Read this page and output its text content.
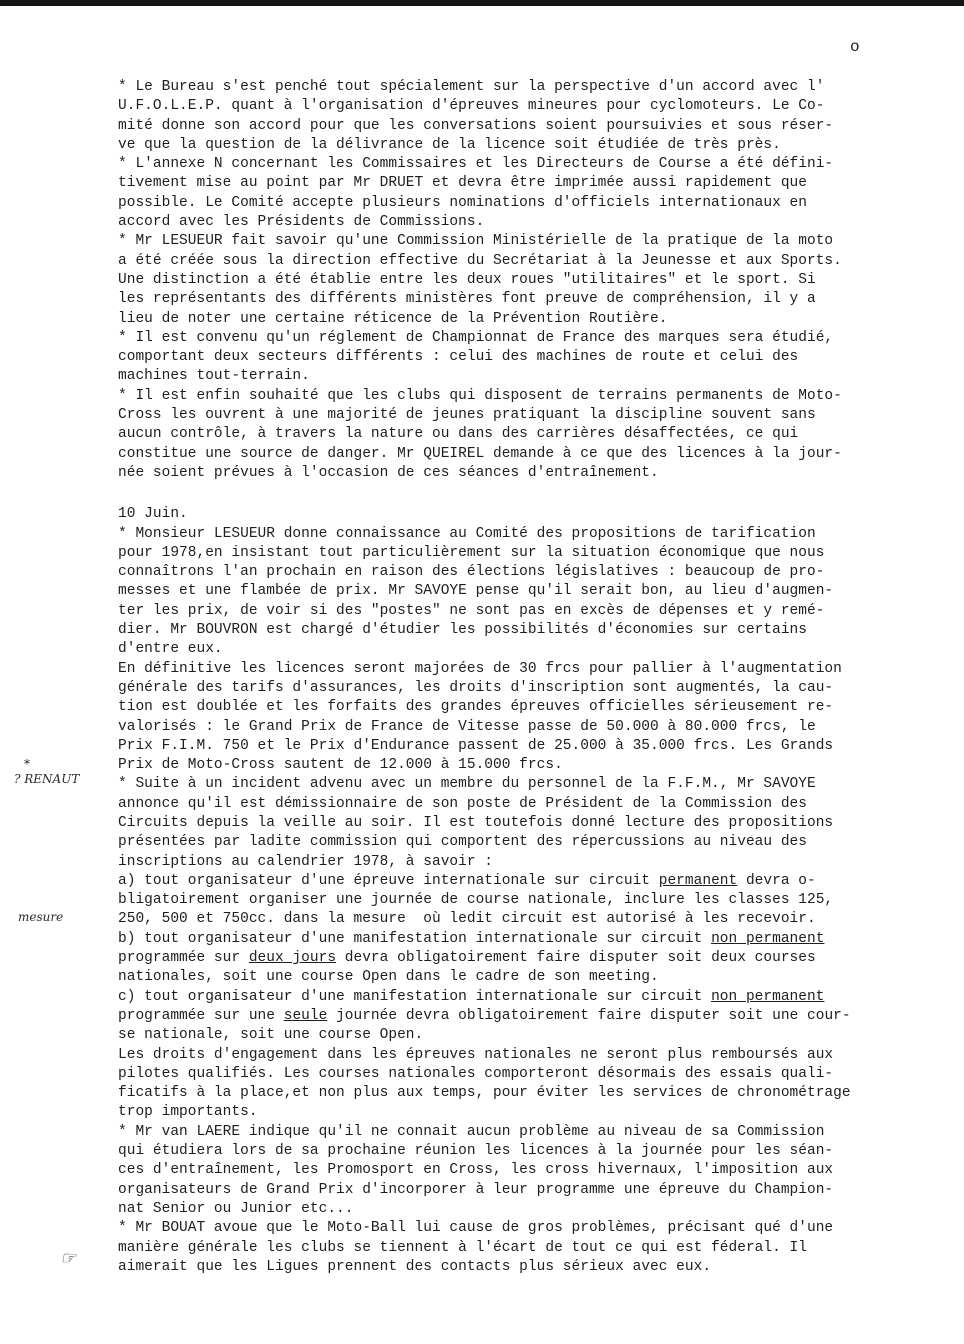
o
*
? RENAUT
mesure
☞

* Le Bureau s'est penché tout spécialement sur la perspective d'un accord avec l'

U.F.O.L.E.P. quant à l'organisation d'épreuves mineures pour cyclomoteurs. Le Co-

mité donne son accord pour que les conversations soient poursuivies et sous réser-

ve que la question de la délivrance de la licence soit étudiée de très près.

* L'annexe N concernant les Commissaires et les Directeurs de Course a été défini-

tivement mise au point par Mr DRUET et devra être imprimée aussi rapidement que

possible. Le Comité accepte plusieurs nominations d'officiels internationaux en

accord avec les Présidents de Commissions.

* Mr LESUEUR fait savoir qu'une Commission Ministérielle de la pratique de la moto

a été créée sous la direction effective du Secrétariat à la Jeunesse et aux Sports.

Une distinction a été établie entre les deux roues "utilitaires" et le sport. Si

les représentants des différents ministères font preuve de compréhension, il y a

lieu de noter une certaine réticence de la Prévention Routière.

* Il est convenu qu'un réglement de Championnat de France des marques sera étudié,

comportant deux secteurs différents : celui des machines de route et celui des

machines tout-terrain.

* Il est enfin souhaité que les clubs qui disposent de terrains permanents de Moto-

Cross les ouvrent à une majorité de jeunes pratiquant la discipline souvent sans

aucun contrôle, à travers la nature ou dans des carrières désaffectées, ce qui

constitue une source de danger. Mr QUEIREL demande à ce que des licences à la jour-

née soient prévues à l'occasion de ces séances d'entraînement.

10 Juin.

* Monsieur LESUEUR donne connaissance au Comité des propositions de tarification

pour 1978,en insistant tout particulièrement sur la situation économique que nous

connaîtrons l'an prochain en raison des élections législatives : beaucoup de pro-

messes et une flambée de prix. Mr SAVOYE pense qu'il serait bon, au lieu d'augmen-

ter les prix, de voir si des "postes" ne sont pas en excès de dépenses et y remé-

dier. Mr BOUVRON est chargé d'étudier les possibilités d'économies sur certains

d'entre eux.

En définitive les licences seront majorées de 30 frcs pour pallier à l'augmentation

générale des tarifs d'assurances, les droits d'inscription sont augmentés, la cau-

tion est doublée et les forfaits des grandes épreuves officielles sérieusement re-

valorisés : le Grand Prix de France de Vitesse passe de 50.000 à 80.000 frcs, le

Prix F.I.M. 750 et le Prix d'Endurance passent de 25.000 à 35.000 frcs. Les Grands

Prix de Moto-Cross sautent de 12.000 à 15.000 frcs.

* Suite à un incident advenu avec un membre du personnel de la F.F.M., Mr SAVOYE

annonce qu'il est démissionnaire de son poste de Président de la Commission des

Circuits depuis la veille au soir. Il est toutefois donné lecture des propositions

présentées par ladite commission qui comportent des répercussions au niveau des

inscriptions au calendrier 1978, à savoir :

a) tout organisateur d'une épreuve internationale sur circuit permanent devra o-

bligatoirement organiser une journée de course nationale, inclure les classes 125,

250, 500 et 750cc. dans la mesure  où ledit circuit est autorisé à les recevoir.

b) tout organisateur d'une manifestation internationale sur circuit non permanent

programmée sur deux jours devra obligatoirement faire disputer soit deux courses

nationales, soit une course Open dans le cadre de son meeting.

c) tout organisateur d'une manifestation internationale sur circuit non permanent

programmée sur une seule journée devra obligatoirement faire disputer soit une cour-

se nationale, soit une course Open.

Les droits d'engagement dans les épreuves nationales ne seront plus remboursés aux

pilotes qualifiés. Les courses nationales comporteront désormais des essais quali-

ficatifs à la place,et non plus aux temps, pour éviter les services de chronométrage

trop importants.

* Mr van LAERE indique qu'il ne connait aucun problème au niveau de sa Commission

qui étudiera lors de sa prochaine réunion les licences à la journée pour les séan-

ces d'entraînement, les Promosport en Cross, les cross hivernaux, l'imposition aux

organisateurs de Grand Prix d'incorporer à leur programme une épreuve du Champion-

nat Senior ou Junior etc...

* Mr BOUAT avoue que le Moto-Ball lui cause de gros problèmes, précisant qué d'une

manière générale les clubs se tiennent à l'écart de tout ce qui est féderal. Il

aimerait que les Ligues prennent des contacts plus sérieux avec eux.
